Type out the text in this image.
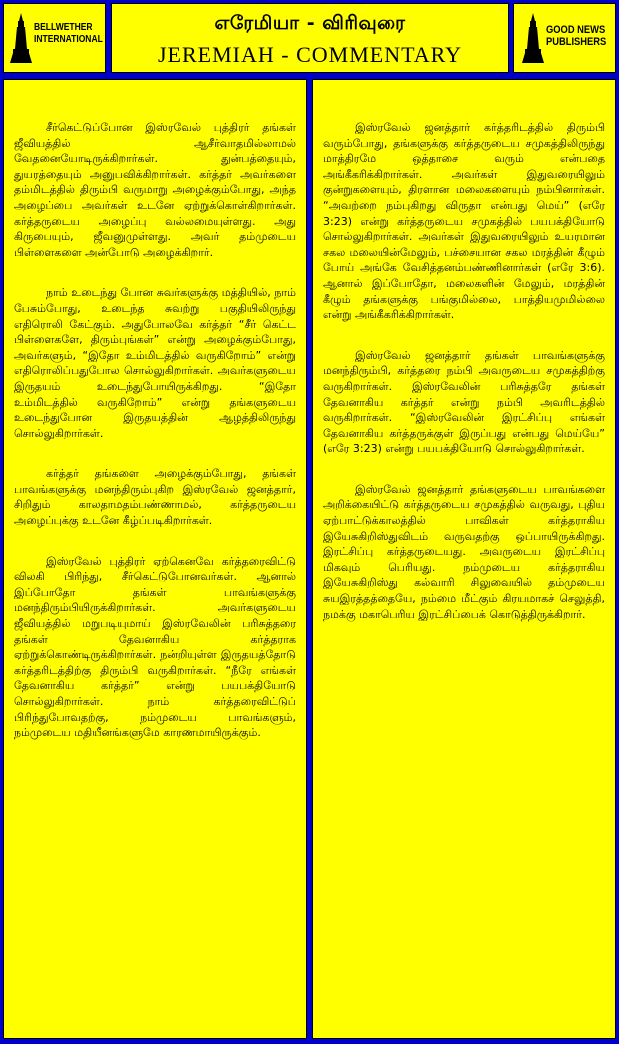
BELLWETHER
INTERNATIONAL
எரேமியா - விரிவுரை
JEREMIAH - COMMENTARY
GOOD NEWS
PUBLISHERS

சீர்கெட்டுப்போன இஸ்ரவேல் புத்திரர் தங்கள் ஜீவியத்தில் ஆசீர்வாதமில்லாமல் வேதனையோடிருக்கிறார்கள். துன்பத்தையும், துயரத்தையும் அனுபவிக்கிறார்கள். கர்த்தர் அவர்களை தம்மிடத்தில் திரும்பி வருமாறு அழைக்கும்போது, அந்த அழைப்பை அவர்கள் உடனே ஏற்றுக்கொள்கிறார்கள். கர்த்தருடைய அழைப்பு வல்லமையுள்ளது. அது கிருபையும், ஜீவனுமுள்ளது. அவர் தம்முடைய பிள்ளைகளை அன்போடு அழைக்கிறார்.

நாம் உடைந்து போன சுவர்களுக்கு மத்தியில், நாம் பேசும்போது, உடைந்த சுவற்று பகுதியிலிருந்து எதிரொலி கேட்கும். அதுபோலவே கர்த்தர் “சீர் கெட்ட பிள்ளைகளே, திரும்புங்கள்” என்று அழைக்கும்போது, அவர்களும், “இதோ உம்மிடத்தில் வருகிறோம்” என்று எதிரொலிப்பதுபோல சொல்லுகிறார்கள். அவர்களுடைய இருதயம் உடைந்துபோயிருக்கிறது. “இதோ உம்மிடத்தில் வருகிறோம்” என்று தங்களுடைய உடைந்துபோன இருதயத்தின் ஆழத்திலிருந்து சொல்லுகிறார்கள்.

கர்த்தர் தங்களை அழைக்கும்போது, தங்கள் பாவங்களுக்கு மனந்திரும்புகிற இஸ்ரவேல் ஜனத்தார், சிறிதும் காலதாமதம்பண்ணாமல், கர்த்தருடைய அழைப்புக்கு உடனே கீழ்ப்படிகிறார்கள்.

இஸ்ரவேல் புத்திரர் ஏற்கெனவே கர்த்தரைவிட்டு விலகி பிரிந்து, சீர்கெட்டுபோனவர்கள். ஆனால் இப்போதோ தங்கள் பாவங்களுக்கு மனந்திரும்பியிருக்கிறார்கள். அவர்களுடைய ஜீவியத்தில் மறுபடியுமாய் இஸ்ரவேலின் பரிசுத்தரை தங்கள் தேவனாகிய கர்த்தராக ஏற்றுக்கொண்டிருக்கிறார்கள். நன்றியுள்ள இருதயத்தோடு கர்த்தரிடத்திற்கு திரும்பி வருகிறார்கள். “நீரே எங்கள் தேவனாகிய கர்த்தர்” என்று பயபக்தியோடு சொல்லுகிறார்கள். நாம் கர்த்தரைவிட்டுப் பிரிந்துபோவதற்கு, நம்முடைய பாவங்களும், நம்முடைய மதியீனங்களுமே காரணமாயிருக்கும்.

இஸ்ரவேல் ஜனத்தார் கர்த்தரிடத்தில் திரும்பி வரும்போது, தங்களுக்கு கர்த்தருடைய சமுகத்திலிருந்து மாத்திரமே ஒத்தாசை வரும் என்பதை அங்கீகரிக்கிறார்கள். அவர்கள் இதுவரையிலும் குன்றுகளையும், திரளான மலைகளையும் நம்பினார்கள். “அவற்றை நம்புகிறது விருதா என்பது மெய்” (எரே 3:23) என்று கர்த்தருடைய சமுகத்தில் பயபக்தியோடு சொல்லுகிறார்கள். அவர்கள் இதுவரையிலும் உயரமான சகல மலையின்மேலும், பச்சையான சகல மரத்தின் கீழும் போய் அங்கே வேசித்தனம்பண்ணினார்கள் (எரே 3:6). ஆனால் இப்போதோ, மலைகளின் மேலும், மரத்தின் கீழும் தங்களுக்கு பங்குமில்லை, பாத்தியமுமில்லை என்று அங்கீகரிக்கிறார்கள்.

இஸ்ரவேல் ஜனத்தார் தங்கள் பாவங்களுக்கு மனந்திரும்பி, கர்த்தரை நம்பி அவருடைய சமுகத்திற்கு வருகிறார்கள். இஸ்ரவேலின் பரிசுத்தரே தங்கள் தேவனாகிய கர்த்தர் என்று நம்பி அவரிடத்தில் வருகிறார்கள். “இஸ்ரவேலின் இரட்சிப்பு எங்கள் தேவனாகிய கர்த்தருக்குள் இருப்பது என்பது மெய்யே” (எரே 3:23) என்று பயபக்தியோடு சொல்லுகிறார்கள்.

இஸ்ரவேல் ஜனத்தார் தங்களுடைய பாவங்களை அறிக்கையிட்டு கர்த்தருடைய சமுகத்தில் வருவது, புதிய ஏற்பாட்டுக்காலத்தில் பாவிகள் கர்த்தராகிய இயேசுகிறிஸ்துவிடம் வருவதற்கு ஒப்பாயிருக்கிறது. இரட்சிப்பு கர்த்தருடையது. அவருடைய இரட்சிப்பு மிகவும் பெரியது. நம்முடைய கர்த்தராகிய இயேசுகிறிஸ்து கல்வாரி சிலுவையில் தம்முடைய சுயஇரத்தத்தையே, நம்மை மீட்கும் கிரயமாகச் செலுத்தி, நமக்கு மகாபெரிய இரட்சிப்பைக் கொடுத்திருக்கிறார்.
